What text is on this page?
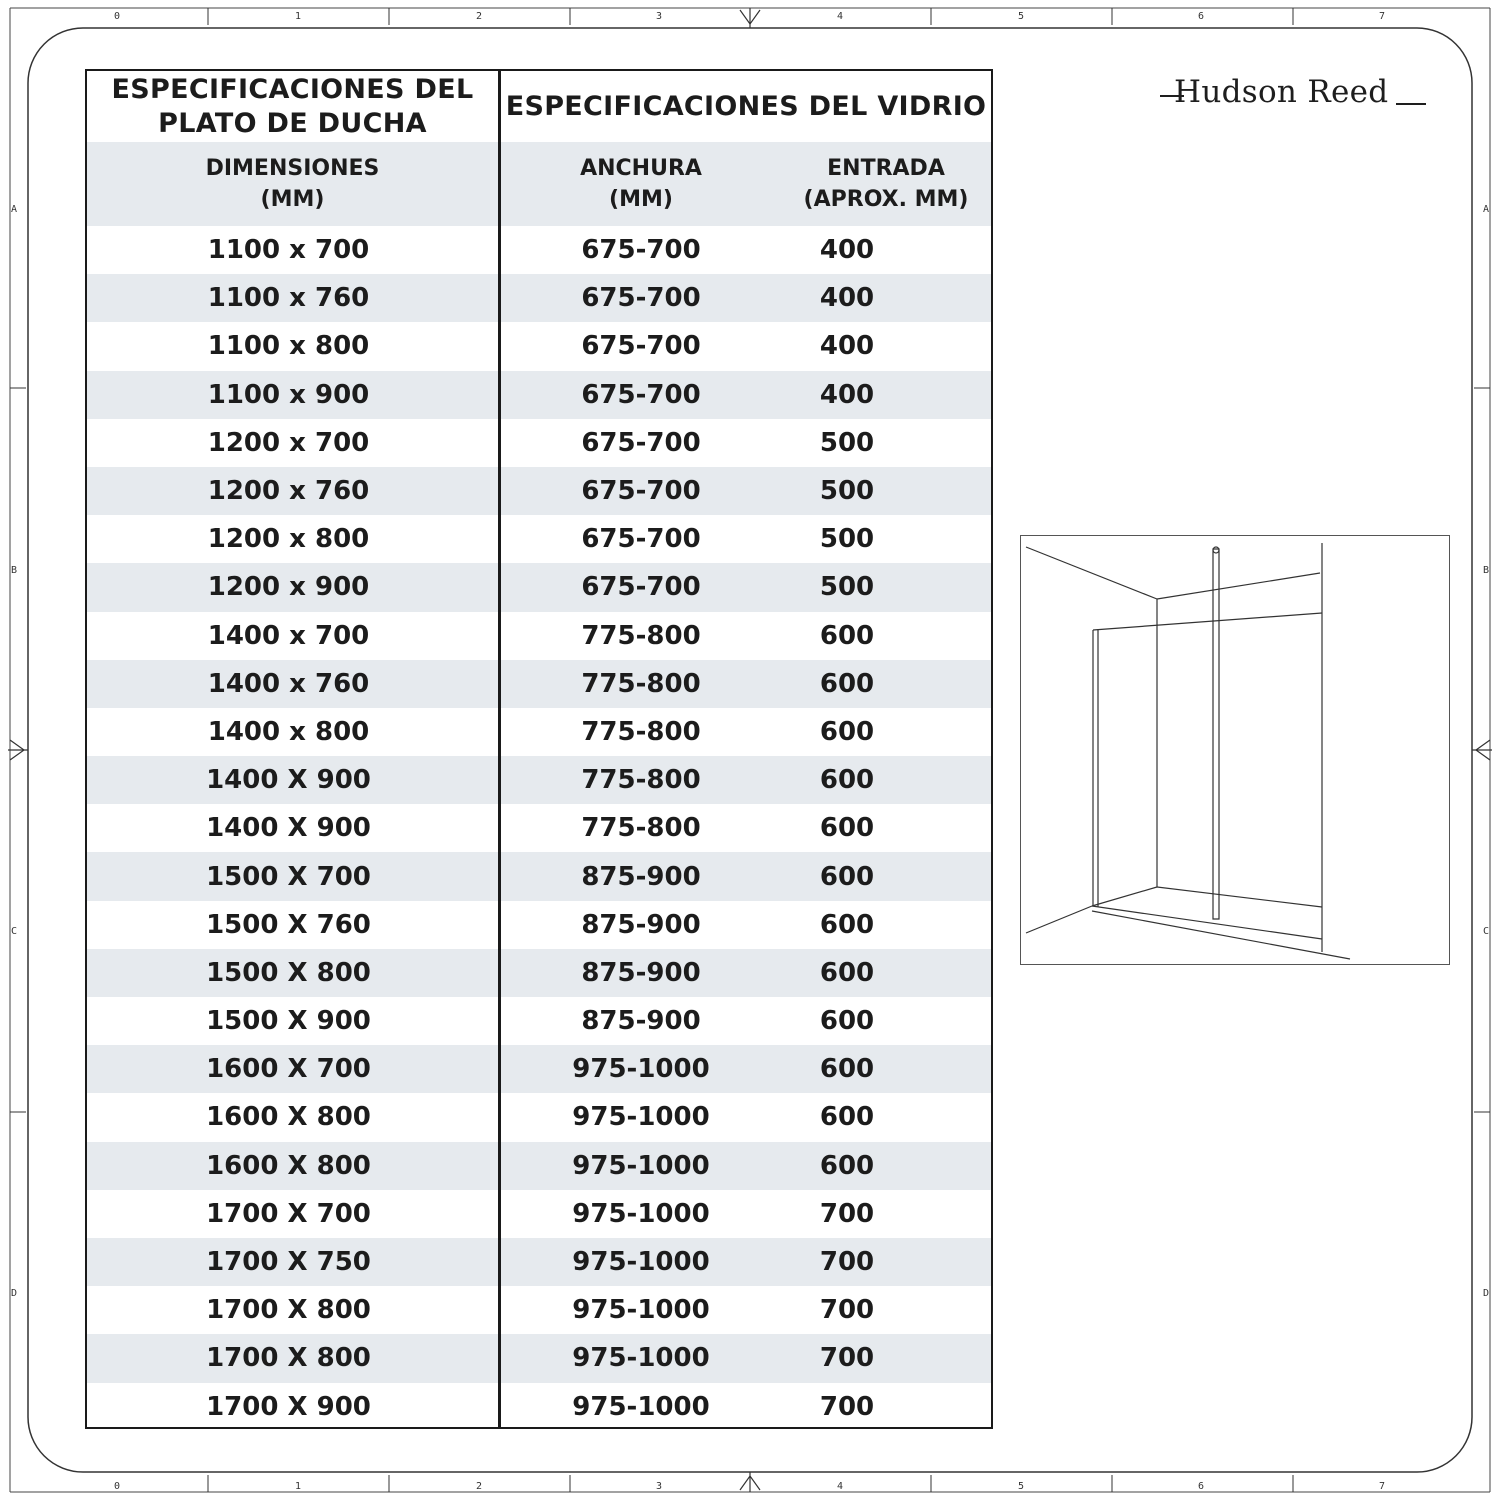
0	1	2	3	4	5	6	7
0	1	2	3	4	5	6	7
A
B
C
D
A
B
C
D
Hudson Reed
ESPECIFICACIONES DEL PLATO DE DUCHA
ESPECIFICACIONES DEL VIDRIO
DIMENSIONES (MM)
ANCHURA (MM)
ENTRADA (APROX. MM)
1100 x 700	675-700	400
1100 x 760	675-700	400
1100 x 800	675-700	400
1100 x 900	675-700	400
1200 x 700	675-700	500
1200 x 760	675-700	500
1200 x 800	675-700	500
1200 x 900	675-700	500
1400 x 700	775-800	600
1400 x 760	775-800	600
1400 x 800	775-800	600
1400 X 900	775-800	600
1400 X 900	775-800	600
1500 X 700	875-900	600
1500 X 760	875-900	600
1500 X 800	875-900	600
1500 X 900	875-900	600
1600 X 700	975-1000	600
1600 X 800	975-1000	600
1600 X 800	975-1000	600
1700 X 700	975-1000	700
1700 X 750	975-1000	700
1700 X 800	975-1000	700
1700 X 800	975-1000	700
1700 X 900	975-1000	700
